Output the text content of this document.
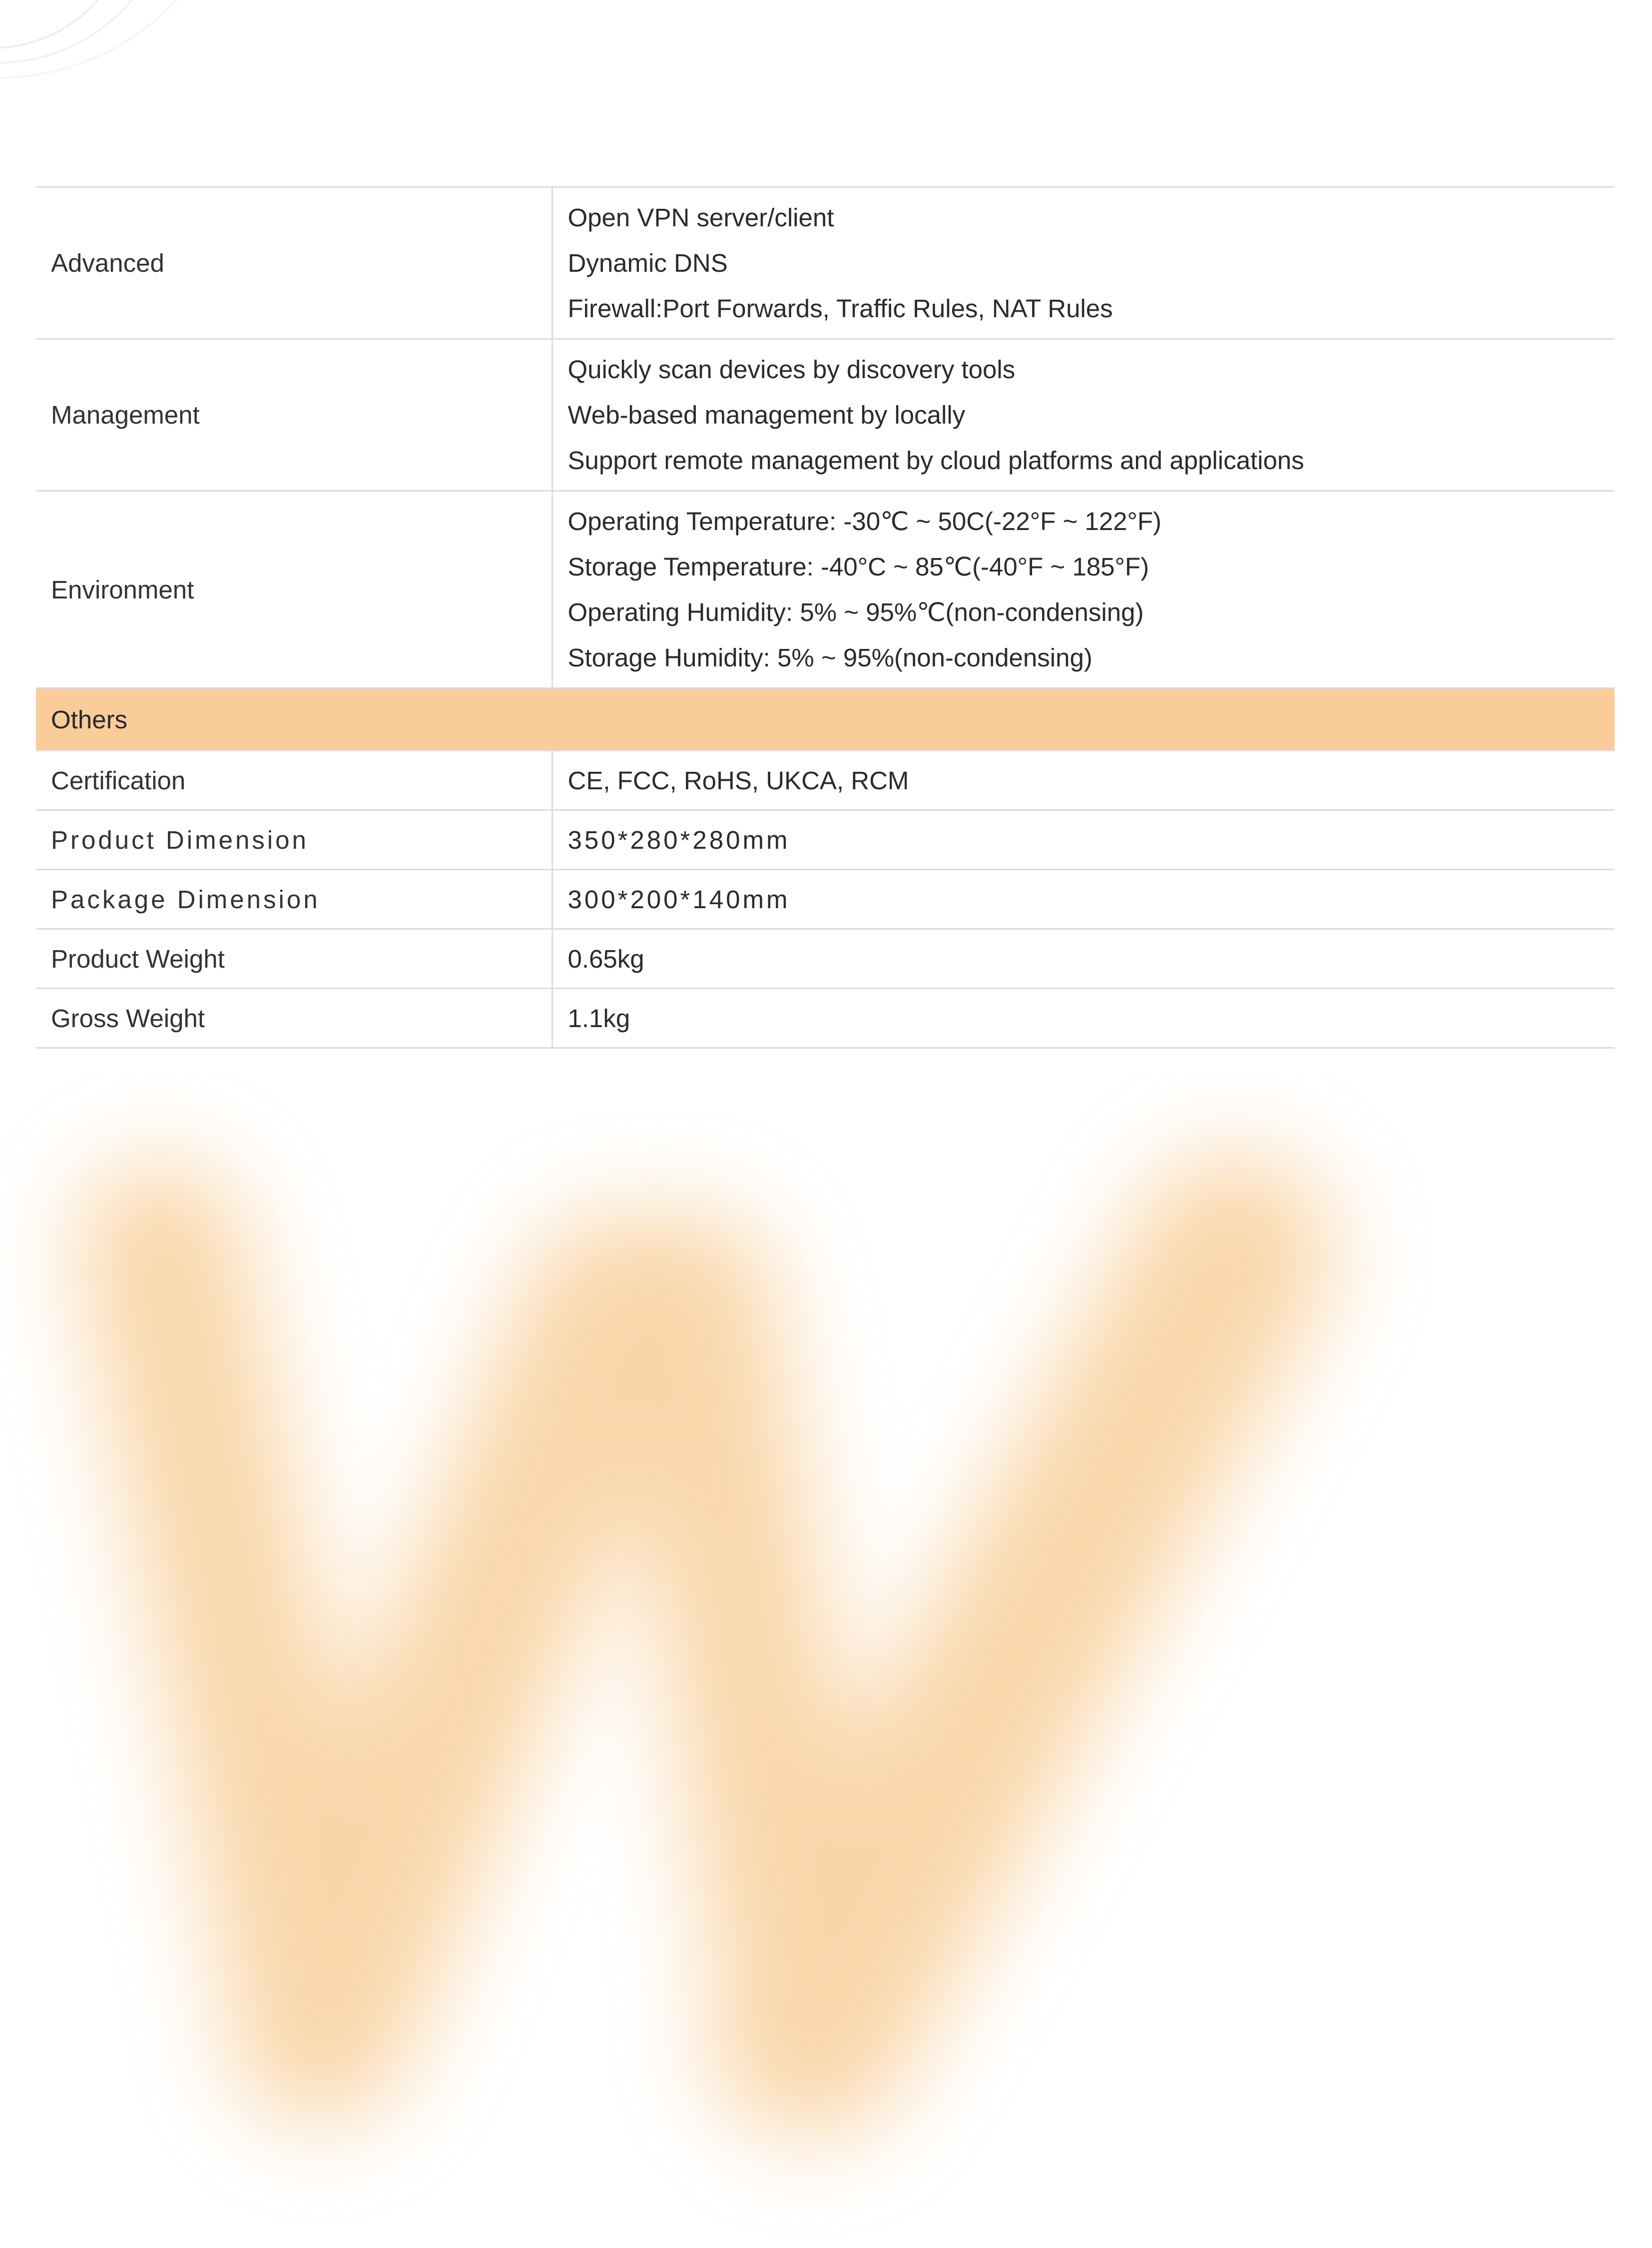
Advanced	Open VPN server/client
Dynamic DNS
Firewall:Port Forwards, Traffic Rules, NAT Rules

Management	Quickly scan devices by discovery tools
Web-based management by locally
Support remote management by cloud platforms and applications

Environment	Operating Temperature: -30℃ ~ 50C(-22°F ~ 122°F)
Storage Temperature: -40°C ~ 85℃(-40°F ~ 185°F)
Operating Humidity: 5% ~ 95%℃(non-condensing)
Storage Humidity: 5% ~ 95%(non-condensing)

Others	
Certification	CE, FCC, RoHS, UKCA, RCM
Product Dimension	350*280*280mm
Package Dimension	300*200*140mm
Product Weight	0.65kg
Gross Weight	1.1kg
